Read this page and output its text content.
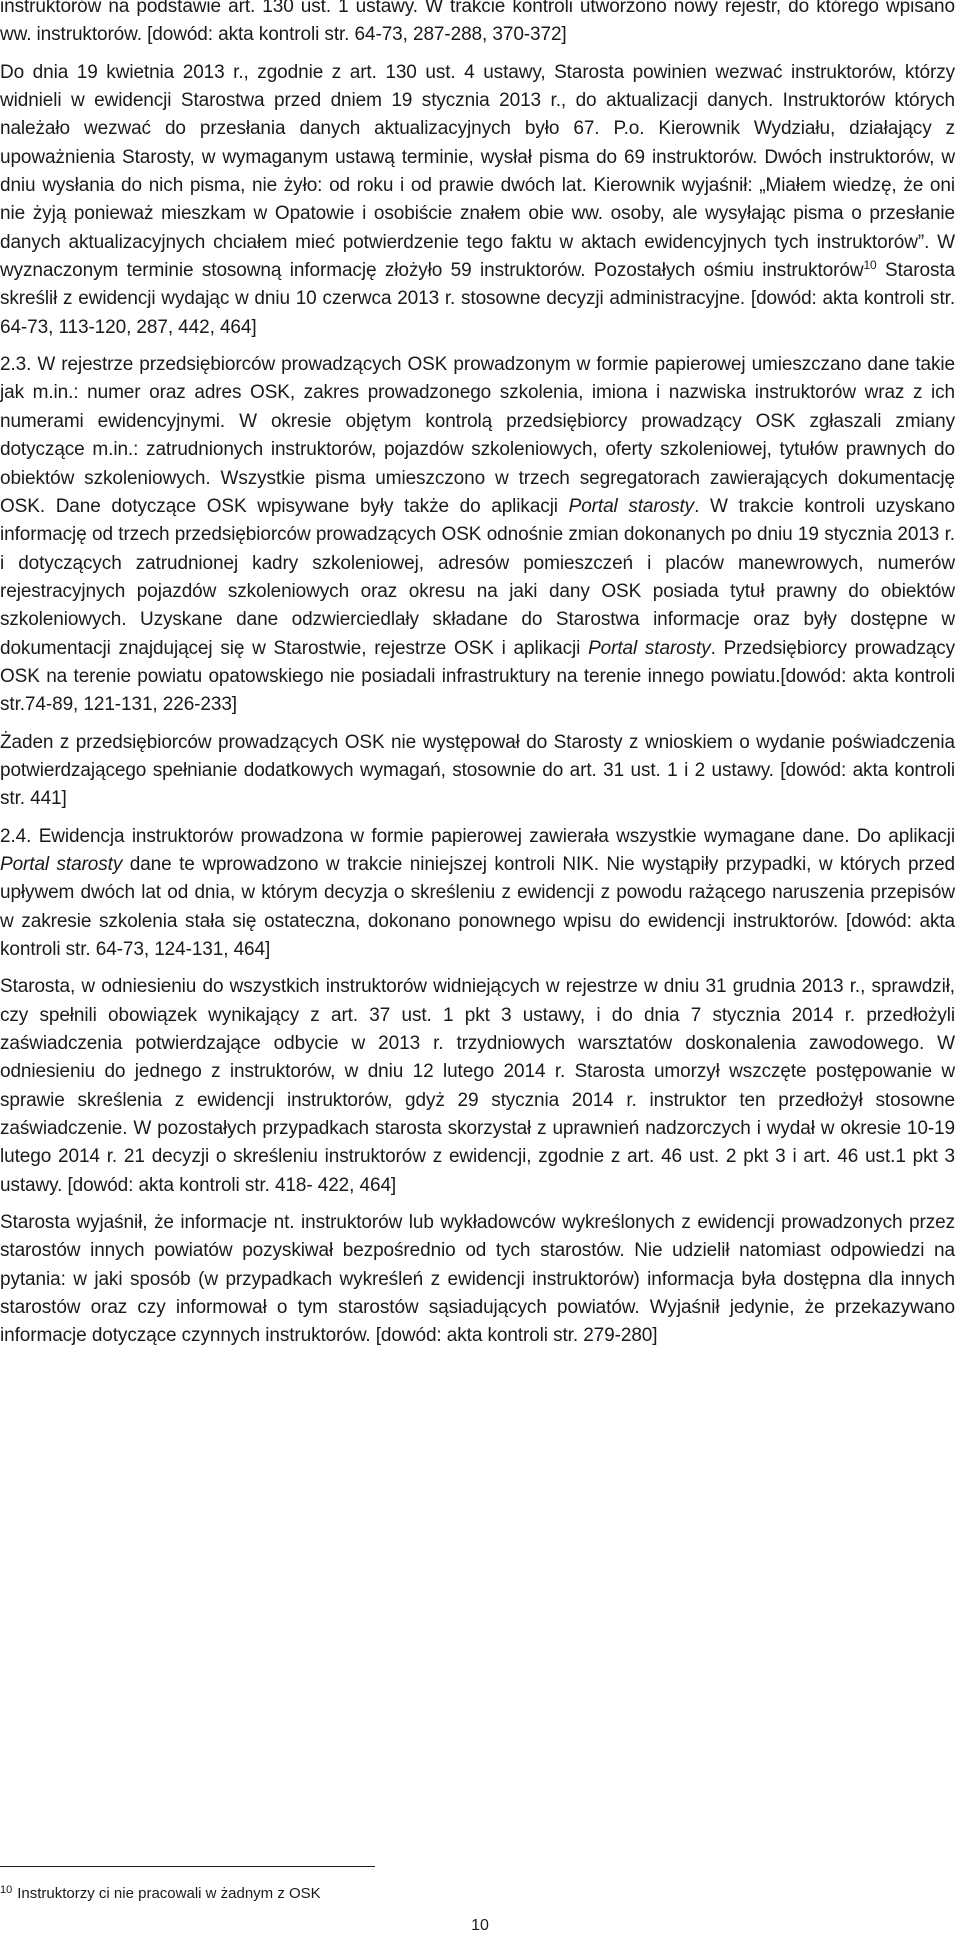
instruktorów na podstawie art. 130 ust. 1 ustawy. W trakcie kontroli utworzono nowy rejestr, do którego wpisano ww. instruktorów. [dowód: akta kontroli str. 64-73, 287-288, 370-372]

Do dnia 19 kwietnia 2013 r., zgodnie z art. 130 ust. 4 ustawy, Starosta powinien wezwać instruktorów, którzy widnieli w ewidencji Starostwa przed dniem 19 stycznia 2013 r., do aktualizacji danych. Instruktorów których należało wezwać do przesłania danych aktualizacyjnych było 67. P.o. Kierownik Wydziału, działający z upoważnienia Starosty, w wymaganym ustawą terminie, wysłał pisma do 69 instruktorów. Dwóch instruktorów, w dniu wysłania do nich pisma, nie żyło: od roku i od prawie dwóch lat. Kierownik wyjaśnił: „Miałem wiedzę, że oni nie żyją ponieważ mieszkam w Opatowie i osobiście znałem obie ww. osoby, ale wysyłając pisma o przesłanie danych aktualizacyjnych chciałem mieć potwierdzenie tego faktu w aktach ewidencyjnych tych instruktorów”. W wyznaczonym terminie stosowną informację złożyło 59 instruktorów. Pozostałych ośmiu instruktorów$^{10}$ Starosta skreślił z ewidencji wydając w dniu 10 czerwca 2013 r. stosowne decyzji administracyjne. [dowód: akta kontroli str. 64-73, 113-120, 287, 442, 464]

2.3. W rejestrze przedsiębiorców prowadzących OSK prowadzonym w formie papierowej umieszczano dane takie jak m.in.: numer oraz adres OSK, zakres prowadzonego szkolenia, imiona i nazwiska instruktorów wraz z ich numerami ewidencyjnymi. W okresie objętym kontrolą przedsiębiorcy prowadzący OSK zgłaszali zmiany dotyczące m.in.: zatrudnionych instruktorów, pojazdów szkoleniowych, oferty szkoleniowej, tytułów prawnych do obiektów szkoleniowych. Wszystkie pisma umieszczono w trzech segregatorach zawierających dokumentację OSK. Dane dotyczące OSK wpisywane były także do aplikacji Portal starosty. W trakcie kontroli uzyskano informację od trzech przedsiębiorców prowadzących OSK odnośnie zmian dokonanych po dniu 19 stycznia 2013 r. i dotyczących zatrudnionej kadry szkoleniowej, adresów pomieszczeń i placów manewrowych, numerów rejestracyjnych pojazdów szkoleniowych oraz okresu na jaki dany OSK posiada tytuł prawny do obiektów szkoleniowych. Uzyskane dane odzwierciedlały składane do Starostwa informacje oraz były dostępne w dokumentacji znajdującej się w Starostwie, rejestrze OSK i aplikacji Portal starosty. Przedsiębiorcy prowadzący OSK na terenie powiatu opatowskiego nie posiadali infrastruktury na terenie innego powiatu.[dowód: akta kontroli str.74-89, 121-131, 226-233]

Żaden z przedsiębiorców prowadzących OSK nie występował do Starosty z wnioskiem o wydanie poświadczenia potwierdzającego spełnianie dodatkowych wymagań, stosownie do art. 31 ust. 1 i 2 ustawy. [dowód: akta kontroli str. 441]

2.4. Ewidencja instruktorów prowadzona w formie papierowej zawierała wszystkie wymagane dane. Do aplikacji Portal starosty dane te wprowadzono w trakcie niniejszej kontroli NIK. Nie wystąpiły przypadki, w których przed upływem dwóch lat od dnia, w którym decyzja o skreśleniu z ewidencji z powodu rażącego naruszenia przepisów w zakresie szkolenia stała się ostateczna, dokonano ponownego wpisu do ewidencji instruktorów. [dowód: akta kontroli str. 64-73, 124-131, 464]

Starosta, w odniesieniu do wszystkich instruktorów widniejących w rejestrze w dniu 31 grudnia 2013 r., sprawdził, czy spełnili obowiązek wynikający z art. 37 ust. 1 pkt 3 ustawy, i do dnia 7 stycznia 2014 r. przedłożyli zaświadczenia potwierdzające odbycie w 2013 r. trzydniowych warsztatów doskonalenia zawodowego. W odniesieniu do jednego z instruktorów, w dniu 12 lutego 2014 r. Starosta umorzył wszczęte postępowanie w sprawie skreślenia z ewidencji instruktorów, gdyż 29 stycznia 2014 r. instruktor ten przedłożył stosowne zaświadczenie. W pozostałych przypadkach starosta skorzystał z uprawnień nadzorczych i wydał w okresie 10-19 lutego 2014 r. 21 decyzji o skreśleniu instruktorów z ewidencji, zgodnie z art. 46 ust. 2 pkt 3 i art. 46 ust.1 pkt 3 ustawy. [dowód: akta kontroli str. 418- 422, 464]

Starosta wyjaśnił, że informacje nt. instruktorów lub wykładowców wykreślonych z ewidencji prowadzonych przez starostów innych powiatów pozyskiwał bezpośrednio od tych starostów. Nie udzielił natomiast odpowiedzi na pytania: w jaki sposób (w przypadkach wykreśleń z ewidencji instruktorów) informacja była dostępna dla innych starostów oraz czy informował o tym starostów sąsiadujących powiatów. Wyjaśnił jedynie, że przekazywano informacje dotyczące czynnych instruktorów. [dowód: akta kontroli str. 279-280]

$^{10}$ Instruktorzy ci nie pracowali w żadnym z OSK
10
